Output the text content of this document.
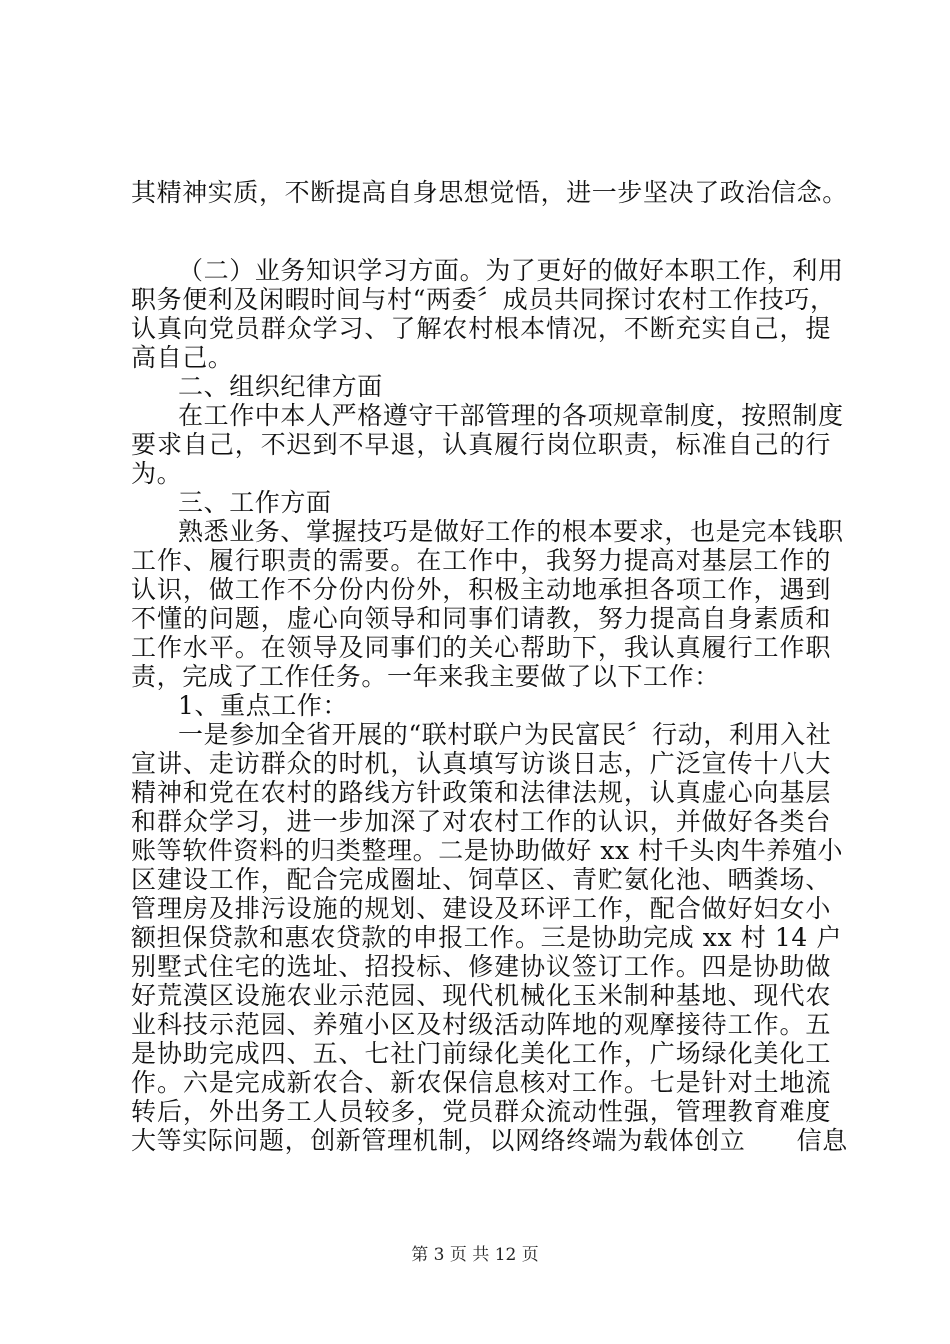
其精神实质，不断提高自身思想觉悟，进一步坚决了政治信念。
（二）业务知识学习方面。为了更好的做好本职工作，利用
职务便利及闲暇时间与村“两委〞成员共同探讨农村工作技巧，
认真向党员群众学习、了解农村根本情况，不断充实自己，提
高自己。
二、组织纪律方面
在工作中本人严格遵守干部管理的各项规章制度，按照制度
要求自己，不迟到不早退，认真履行岗位职责，标准自己的行
为。
三、工作方面
熟悉业务、掌握技巧是做好工作的根本要求，也是完本钱职
工作、履行职责的需要。在工作中，我努力提高对基层工作的
认识，做工作不分份内份外，积极主动地承担各项工作，遇到
不懂的问题，虚心向领导和同事们请教，努力提高自身素质和
工作水平。在领导及同事们的关心帮助下，我认真履行工作职
责，完成了工作任务。一年来我主要做了以下工作：
1、重点工作：
一是参加全省开展的“联村联户为民富民〞行动，利用入社
宣讲、走访群众的时机，认真填写访谈日志，广泛宣传十八大
精神和党在农村的路线方针政策和法律法规，认真虚心向基层
和群众学习，进一步加深了对农村工作的认识，并做好各类台
账等软件资料的归类整理。二是协助做好 xx 村千头肉牛养殖小
区建设工作，配合完成圈址、饲草区、青贮氨化池、晒粪场、
管理房及排污设施的规划、建设及环评工作，配合做好妇女小
额担保贷款和惠农贷款的申报工作。三是协助完成 xx 村 14 户
别墅式住宅的选址、招投标、修建协议签订工作。四是协助做
好荒漠区设施农业示范园、现代机械化玉米制种基地、现代农
业科技示范园、养殖小区及村级活动阵地的观摩接待工作。五
是协助完成四、五、七社门前绿化美化工作，广场绿化美化工
作。六是完成新农合、新农保信息核对工作。七是针对土地流
转后，外出务工人员较多，党员群众流动性强，管理教育难度
大等实际问题，创新管理机制，以网络终端为载体创立　　信息
第 3 页 共 12 页
